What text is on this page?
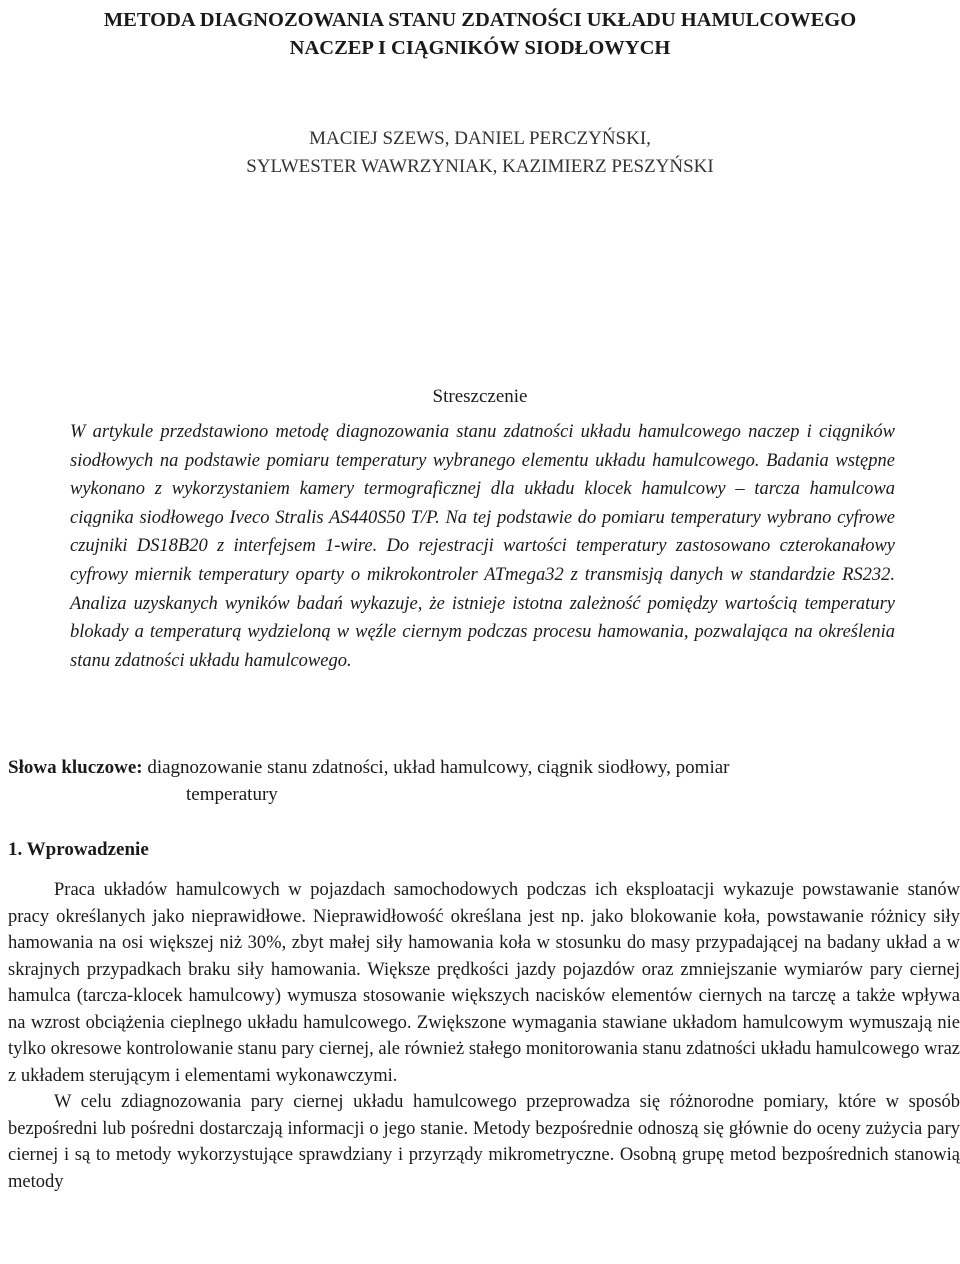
METODA DIAGNOZOWANIA STANU ZDATNOŚCI UKŁADU HAMULCOWEGO
NACZEP I CIĄGNIKÓW SIODŁOWYCH
MACIEJ SZEWS, DANIEL PERCZYŃSKI,
SYLWESTER WAWRZYNIAK, KAZIMIERZ PESZYŃSKI
Streszczenie

W artykule przedstawiono metodę diagnozowania stanu zdatności układu hamulcowego naczep i ciągników siodłowych na podstawie pomiaru temperatury wybranego elementu układu hamulcowego. Badania wstępne wykonano z wykorzystaniem kamery termograficznej dla układu klocek hamulcowy – tarcza hamulcowa ciągnika siodłowego Iveco Stralis AS440S50 T/P. Na tej podstawie do pomiaru temperatury wybrano cyfrowe czujniki DS18B20 z interfejsem 1-wire. Do rejestracji wartości temperatury zastosowano czterokanałowy cyfrowy miernik temperatury oparty o mikrokontroler ATmega32 z transmisją danych w standardzie RS232. Analiza uzyskanych wyników badań wykazuje, że istnieje istotna zależność pomiędzy wartością temperatury blokady a temperaturą wydzieloną w węźle ciernym podczas procesu hamowania, pozwalająca na określenia stanu zdatności układu hamulcowego.

Słowa kluczowe: diagnozowanie stanu zdatności, układ hamulcowy, ciągnik siodłowy, pomiar
temperatury
1. Wprowadzenie

Praca układów hamulcowych w pojazdach samochodowych podczas ich eksploatacji wykazuje powstawanie stanów pracy określanych jako nieprawidłowe. Nieprawidłowość określana jest np. jako blokowanie koła, powstawanie różnicy siły hamowania na osi większej niż 30%, zbyt małej siły hamowania koła w stosunku do masy przypadającej na badany układ a w skrajnych przypadkach braku siły hamowania. Większe prędkości jazdy pojazdów oraz zmniejszanie wymiarów pary ciernej hamulca (tarcza-klocek hamulcowy) wymusza stosowanie większych nacisków elementów ciernych na tarczę a także wpływa na wzrost obciążenia cieplnego układu hamulcowego. Zwiększone wymagania stawiane układom hamulcowym wymuszają nie tylko okresowe kontrolowanie stanu pary ciernej, ale również stałego monitorowania stanu zdatności układu hamulcowego wraz z układem sterującym i elementami wykonawczymi.

W celu zdiagnozowania pary ciernej układu hamulcowego przeprowadza się różnorodne pomiary, które w sposób bezpośredni lub pośredni dostarczają informacji o jego stanie. Metody bezpośrednie odnoszą się głównie do oceny zużycia pary ciernej i są to metody wykorzystujące sprawdziany i przyrządy mikrometryczne. Osobną grupę metod bezpośrednich stanowią metody
